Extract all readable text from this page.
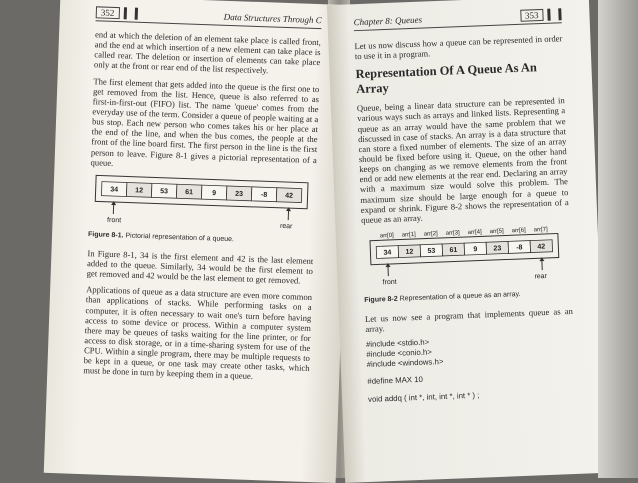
352	Data Structures Through C

end at which the deletion of an element take place is called front, and the end at which insertion of a new element can take place is called rear. The deletion or insertion of elements can take place only at the front or rear end of the list respectively.

The first element that gets added into the queue is the first one to get removed from the list. Hence, queue is also referred to as first-in-first-out (FIFO) list. The name 'queue' comes from the everyday use of the term. Consider a queue of people waiting at a bus stop. Each new person who comes takes his or her place at the end of the line, and when the bus comes, the people at the front of the line board first. The first person in the line is the first person to leave. Figure 8-1 gives a pictorial representation of a queue.

34 12 53 61	9	23	-8	42
front
rear
Figure 8-1. Pictorial representation of a queue.

In Figure 8-1, 34 is the first element and 42 is the last element added to the queue. Similarly, 34 would be the first element to get removed and 42 would be the last element to get removed.

Applications of queue as a data structure are even more common than applications of stacks. While performing tasks on a computer, it is often necessary to wait one's turn before having access to some device or process. Within a computer system there may be queues of tasks waiting for the line printer, or for access to disk storage, or in a time-sharing system for use of the CPU. Within a single program, there may be multiple requests to be kept in a queue, or one task may create other tasks, which must be done in turn by keeping them in a queue.

Chapter 8: Queues	353

Let us now discuss how a queue can be represented in order to use it in a program.

Representation Of A Queue As An Array

Queue, being a linear data structure can be represented in various ways such as arrays and linked lists. Representing a queue as an array would have the same problem that we discussed in case of stacks. An array is a data structure that can store a fixed number of elements. The size of an array should be fixed before using it. Queue, on the other hand keeps on changing as we remove elements from the front end or add new elements at the rear end. Declaring an array with a maximum size would solve this problem. The maximum size should be large enough for a queue to expand or shrink. Figure 8-2 shows the representation of a queue as an array.

34
arr[0]
12
arr[1]
53
arr[2]
61
arr[3]
9
arr[4]
23
arr[5]
-8
arr[6]
42
arr[7]
front
rear
Figure 8-2 Representation of a queue as an array.

Let us now see a program that implements queue as an array.

#include <stdio.h>
#include <conio.h>
#include <windows.h>
#define MAX 10
void addq ( int *, int, int *, int * ) ;
